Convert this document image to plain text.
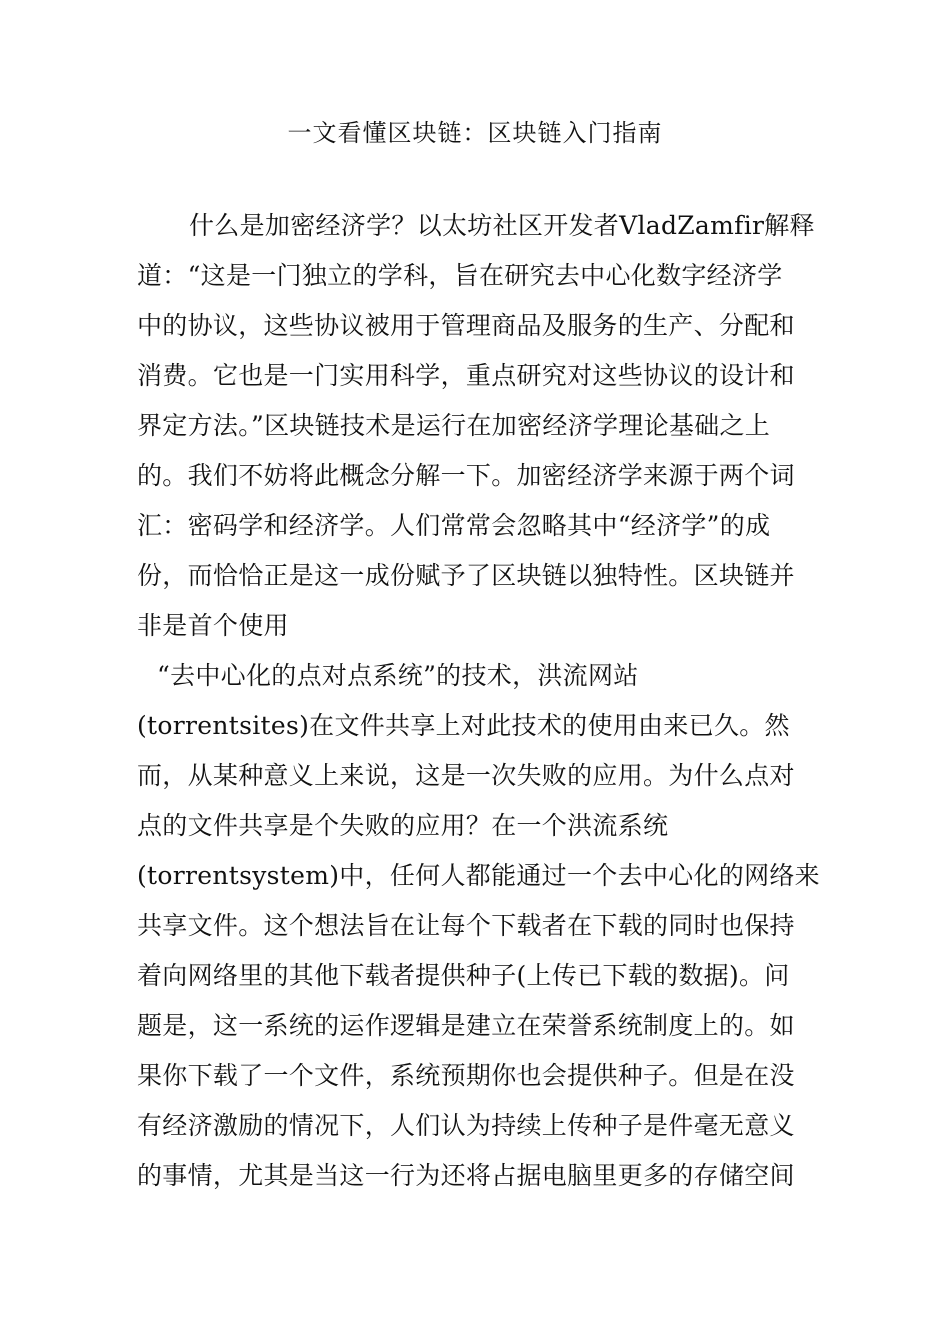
一文看懂区块链：区块链入门指南
什么是加密经济学？以太坊社区开发者VladZamfir解释
道：“这是一门独立的学科，旨在研究去中心化数字经济学
中的协议，这些协议被用于管理商品及服务的生产、分配和
消费。它也是一门实用科学，重点研究对这些协议的设计和
界定方法。”区块链技术是运行在加密经济学理论基础之上
的。我们不妨将此概念分解一下。加密经济学来源于两个词
汇：密码学和经济学。人们常常会忽略其中“经济学”的成
份，而恰恰正是这一成份赋予了区块链以独特性。区块链并
非是首个使用
“去中心化的点对点系统”的技术，洪流网站
(torrentsites)在文件共享上对此技术的使用由来已久。然
而，从某种意义上来说，这是一次失败的应用。为什么点对
点的文件共享是个失败的应用？在一个洪流系统
(torrentsystem)中，任何人都能通过一个去中心化的网络来
共享文件。这个想法旨在让每个下载者在下载的同时也保持
着向网络里的其他下载者提供种子(上传已下载的数据)。问
题是，这一系统的运作逻辑是建立在荣誉系统制度上的。如
果你下载了一个文件，系统预期你也会提供种子。但是在没
有经济激励的情况下，人们认为持续上传种子是件毫无意义
的事情，尤其是当这一行为还将占据电脑里更多的存储空间
